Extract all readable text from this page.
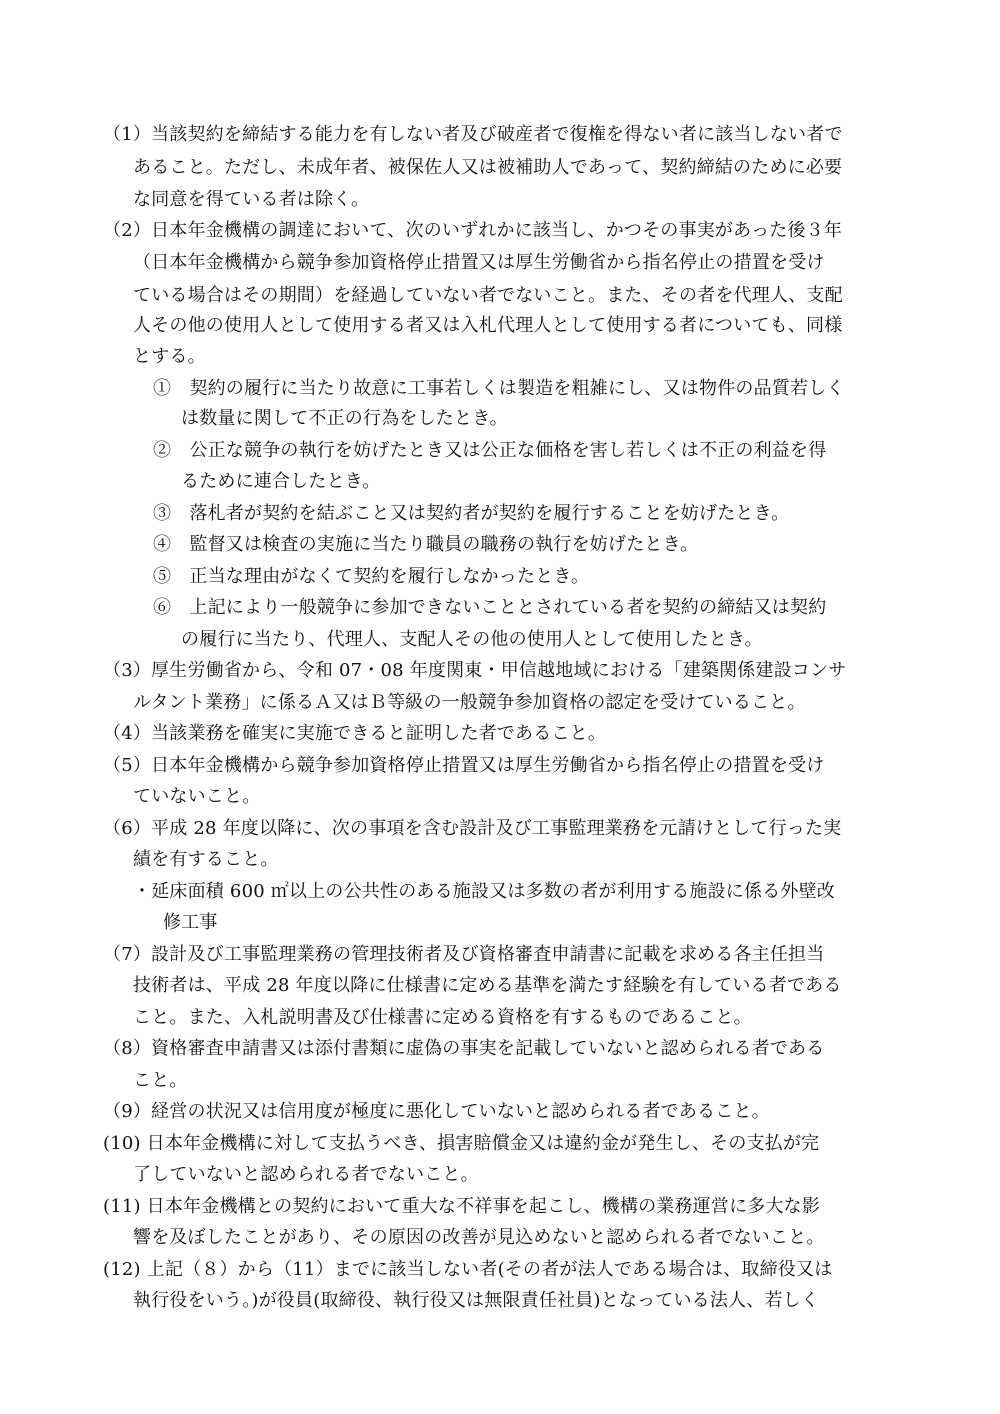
（1）当該契約を締結する能力を有しない者及び破産者で復権を得ない者に該当しない者で

あること。ただし、未成年者、被保佐人又は被補助人であって、契約締結のために必要

な同意を得ている者は除く。

（2）日本年金機構の調達において、次のいずれかに該当し、かつその事実があった後３年

（日本年金機構から競争参加資格停止措置又は厚生労働省から指名停止の措置を受け

ている場合はその期間）を経過していない者でないこと。また、その者を代理人、支配

人その他の使用人として使用する者又は入札代理人として使用する者についても、同様

とする。

①　契約の履行に当たり故意に工事若しくは製造を粗雑にし、又は物件の品質若しく

は数量に関して不正の行為をしたとき。

②　公正な競争の執行を妨げたとき又は公正な価格を害し若しくは不正の利益を得

るために連合したとき。

③　落札者が契約を結ぶこと又は契約者が契約を履行することを妨げたとき。

④　監督又は検査の実施に当たり職員の職務の執行を妨げたとき。

⑤　正当な理由がなくて契約を履行しなかったとき。

⑥　上記により一般競争に参加できないこととされている者を契約の締結又は契約

の履行に当たり、代理人、支配人その他の使用人として使用したとき。

（3）厚生労働省から、令和 07・08 年度関東・甲信越地域における「建築関係建設コンサ

ルタント業務」に係るＡ又はＢ等級の一般競争参加資格の認定を受けていること。

（4）当該業務を確実に実施できると証明した者であること。

（5）日本年金機構から競争参加資格停止措置又は厚生労働省から指名停止の措置を受け

ていないこと。

（6）平成 28 年度以降に、次の事項を含む設計及び工事監理業務を元請けとして行った実

績を有すること。

・延床面積 600 ㎡以上の公共性のある施設又は多数の者が利用する施設に係る外壁改

修工事

（7）設計及び工事監理業務の管理技術者及び資格審査申請書に記載を求める各主任担当

技術者は、平成 28 年度以降に仕様書に定める基準を満たす経験を有している者である

こと。また、入札説明書及び仕様書に定める資格を有するものであること。

（8）資格審査申請書又は添付書類に虚偽の事実を記載していないと認められる者である

こと。

（9）経営の状況又は信用度が極度に悪化していないと認められる者であること。

(10) 日本年金機構に対して支払うべき、損害賠償金又は違約金が発生し、その支払が完

了していないと認められる者でないこと。

(11) 日本年金機構との契約において重大な不祥事を起こし、機構の業務運営に多大な影

響を及ぼしたことがあり、その原因の改善が見込めないと認められる者でないこと。

(12) 上記（８）から（11）までに該当しない者(その者が法人である場合は、取締役又は

執行役をいう。)が役員(取締役、執行役又は無限責任社員)となっている法人、若しく
